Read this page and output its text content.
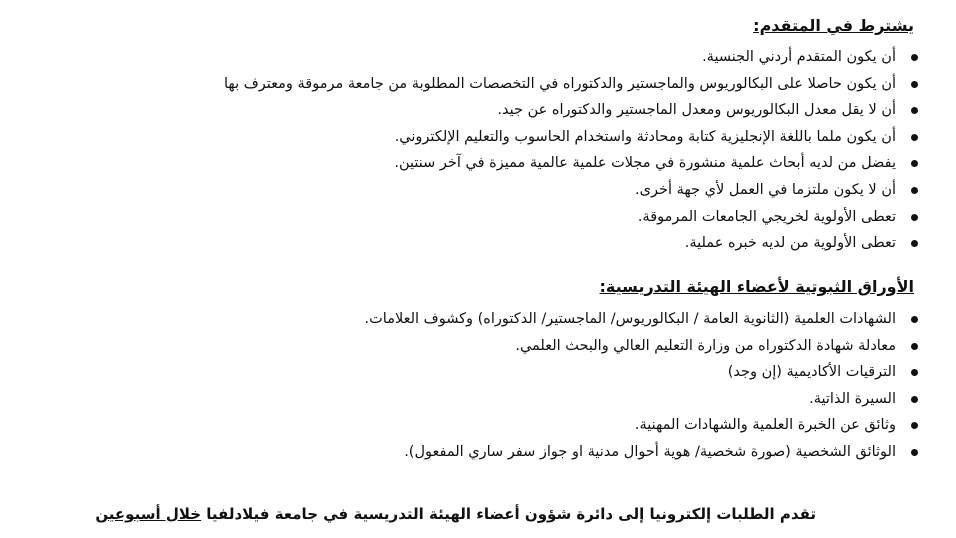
يشترط في المتقدم:
أن يكون المتقدم أردني الجنسية.
أن يكون حاصلا على البكالوريوس والماجستير والدكتوراه في التخصصات المطلوبة من جامعة مرموقة ومعترف بها
أن لا يقل معدل البكالوريوس ومعدل الماجستير والدكتوراه عن جيد.
أن يكون ملما باللغة الإنجليزية كتابة ومحادثة واستخدام الحاسوب والتعليم الإلكتروني.
يفضل من لديه أبحاث علمية منشورة في مجلات علمية عالمية مميزة في آخر سنتين.
أن لا يكون ملتزما في العمل لأي جهة أخرى.
تعطى الأولوية لخريجي الجامعات المرموقة.
تعطى الأولوية من لديه خبره عملية.
الأوراق الثبوتية لأعضاء الهيئة التدريسية:
الشهادات العلمية (الثانوية العامة / البكالوريوس/ الماجستير/ الدكتوراه) وكشوف العلامات.
معادلة شهادة الدكتوراه من وزارة التعليم العالي والبحث العلمي.
الترقيات الأكاديمية (إن وجد)
السيرة الذاتية.
وثائق عن الخبرة العلمية والشهادات المهنية.
الوثائق الشخصية (صورة شخصية/ هوية أحوال مدنية او جواز سفر ساري المفعول).
تقدم الطلبات إلكترونيا إلى دائرة شؤون أعضاء الهيئة التدريسية في جامعة فيلادلفيا خلال أسبوعين
